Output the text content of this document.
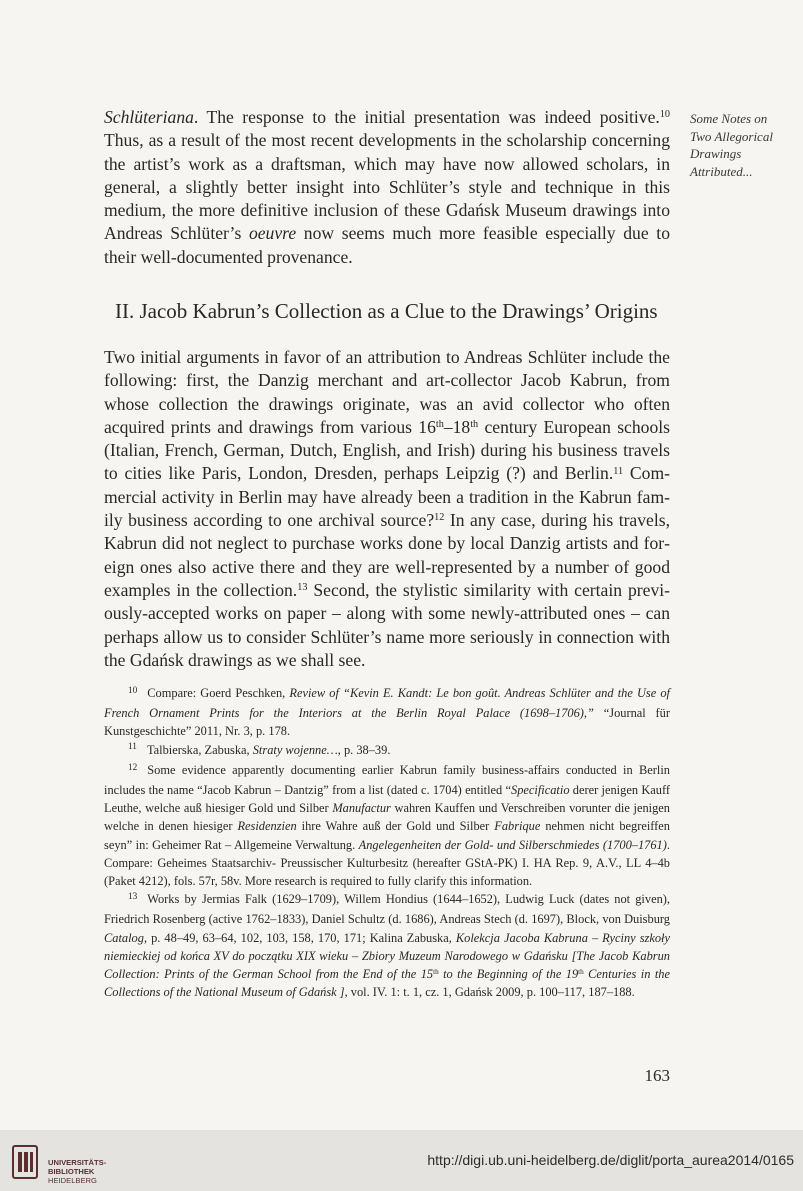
Schlüteriana. The response to the initial presentation was indeed positive.$^{10}$ Thus, as a result of the most recent developments in the scholarship concerning the artist’s work as a draftsman, which may have now allowed scholars, in general, a slightly better insight into Schlüter’s style and technique in this medium, the more definitive inclusion of these Gdańsk Museum drawings into Andreas Schlüter’s oeuvre now seems much more feasible especially due to their well-documented provenance.

Some Notes on
Two Allegorical
Drawings
Attributed...
II. Jacob Kabrun’s Collection as a Clue to the Drawings’ Origins

Two initial arguments in favor of an attribution to Andreas Schlüter include the following: first, the Danzig merchant and art-collector Jacob Kabrun, from whose collection the drawings originate, was an avid collector who often acquired prints and drawings from various 16th–18th century European schools (Italian, French, German, Dutch, English, and Irish) during his business travels to cities like Paris, London, Dresden, perhaps Leipzig (?) and Berlin.$^{11}$ Commercial activity in Berlin may have already been a tradition in the Kabrun family business according to one archival source?$^{12}$ In any case, during his travels, Kabrun did not neglect to purchase works done by local Danzig artists and foreign ones also active there and they are well-represented by a number of good examples in the collection.$^{13}$ Second, the stylistic similarity with certain previously-accepted works on paper – along with some newly-attributed ones – can perhaps allow us to consider Schlüter’s name more seriously in connection with the Gdańsk drawings as we shall see.

$^{10}$ Compare: Goerd Peschken, Review of “Kevin E. Kandt: Le bon goût. Andreas Schlüter and the Use of French Ornament Prints for the Interiors at the Berlin Royal Palace (1698–1706),” “Journal für Kunstgeschichte” 2011, Nr. 3, p. 178.

$^{11}$ Talbierska, Zabuska, Straty wojenne…, p. 38–39.

$^{12}$ Some evidence apparently documenting earlier Kabrun family business-affairs conducted in Berlin includes the name “Jacob Kabrun – Dantzig” from a list (dated c. 1704) entitled “Specificatio derer jenigen Kauff Leuthe, welche auß hiesiger Gold und Silber Manufactur wahren Kauffen und Verschreiben vorunter die jenigen welche in denen hiesiger Residenzien ihre Wahre auß der Gold und Silber Fabrique nehmen nicht begreiffen seyn” in: Geheimer Rat – Allgemeine Verwaltung. Angelegenheiten der Gold- und Silberschmiedes (1700–1761). Compare: Geheimes Staatsarchiv- Preussischer Kulturbesitz (hereafter GStA-PK) I. HA Rep. 9, A.V., LL 4–4b (Paket 4212), fols. 57r, 58v. More research is required to fully clarify this information.

$^{13}$ Works by Jermias Falk (1629–1709), Willem Hondius (1644–1652), Ludwig Luck (dates not given), Friedrich Rosenberg (active 1762–1833), Daniel Schultz (d. 1686), Andreas Stech (d. 1697), Block, von Duisburg Catalog, p. 48–49, 63–64, 102, 103, 158, 170, 171; Kalina Zabuska, Kolekcja Jacoba Kabruna – Ryciny szkoły niemieckiej od końca XV do początku XIX wieku – Zbiory Muzeum Narodowego w Gdańsku [The Jacob Kabrun Collection: Prints of the German School from the End of the 15th to the Beginning of the 19th Centuries in the Collections of the National Museum of Gdańsk ], vol. IV. 1: t. 1, cz. 1, Gdańsk 2009, p. 100–117, 187–188.

163

UNIVERSITÄTS-
BIBLIOTHEK
HEIDELBERG
http://digi.ub.uni-heidelberg.de/diglit/porta_aurea2014/0165
